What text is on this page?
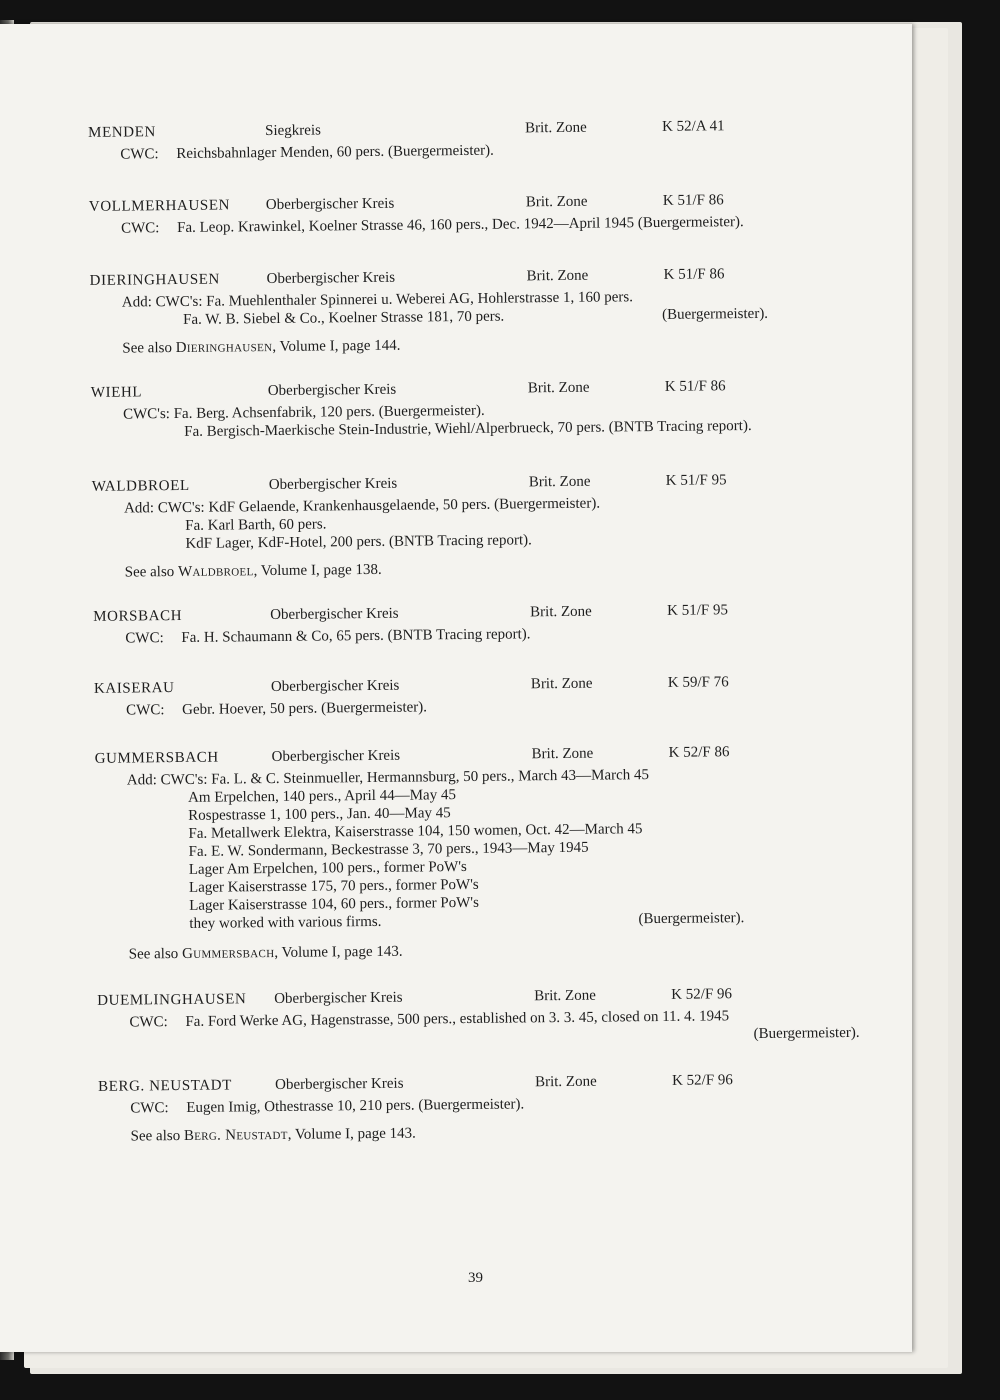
MENDEN	Siegkreis	Brit. Zone	K 52/A 41
CWC: Reichsbahnlager Menden, 60 pers. (Buergermeister).
VOLLMERHAUSEN Oberbergischer Kreis	Brit. Zone	K 51/F 86
CWC: Fa. Leop. Krawinkel, Koelner Strasse 46, 160 pers., Dec. 1942—April 1945 (Buergermeister).
DIERINGHAUSEN	Oberbergischer Kreis	Brit. Zone	K 51/F 86
Add: CWC's: Fa. Muehlenthaler Spinnerei u. Weberei AG, Hohlerstrasse 1, 160 pers.
Fa. W. B. Siebel & Co., Koelner Strasse 181, 70 pers.	(Buergermeister).
See also Dieringhausen, Volume I, page 144.
WIEHL	Oberbergischer Kreis	Brit. Zone	K 51/F 86
CWC's: Fa. Berg. Achsenfabrik, 120 pers. (Buergermeister).
Fa. Bergisch-Maerkische Stein-Industrie, Wiehl/Alperbrueck, 70 pers. (BNTB Tracing report).
WALDBROEL	Oberbergischer Kreis	Brit. Zone	K 51/F 95
Add: CWC's: KdF Gelaende, Krankenhausgelaende, 50 pers. (Buergermeister).
Fa. Karl Barth, 60 pers.
KdF Lager, KdF-Hotel, 200 pers. (BNTB Tracing report).
See also Waldbroel, Volume I, page 138.
MORSBACH	Oberbergischer Kreis	Brit. Zone	K 51/F 95
CWC: Fa. H. Schaumann & Co, 65 pers. (BNTB Tracing report).
KAISERAU	Oberbergischer Kreis	Brit. Zone	K 59/F 76
CWC: Gebr. Hoever, 50 pers. (Buergermeister).
GUMMERSBACH	Oberbergischer Kreis	Brit. Zone	K 52/F 86
Add: CWC's: Fa. L. & C. Steinmueller, Hermannsburg, 50 pers., March 43—March 45
Am Erpelchen, 140 pers., April 44—May 45
Rospestrasse 1, 100 pers., Jan. 40—May 45
Fa. Metallwerk Elektra, Kaiserstrasse 104, 150 women, Oct. 42—March 45
Fa. E. W. Sondermann, Beckestrasse 3, 70 pers., 1943—May 1945
Lager Am Erpelchen, 100 pers., former PoW's
Lager Kaiserstrasse 175, 70 pers., former PoW's
Lager Kaiserstrasse 104, 60 pers., former PoW's
they worked with various firms.	(Buergermeister).
See also Gummersbach, Volume I, page 143.
DUEMLINGHAUSEN Oberbergischer Kreis	Brit. Zone	K 52/F 96
CWC: Fa. Ford Werke AG, Hagenstrasse, 500 pers., established on 3. 3. 45, closed on 11. 4. 1945
(Buergermeister).
BERG. NEUSTADT	Oberbergischer Kreis	Brit. Zone	K 52/F 96
CWC: Eugen Imig, Othestrasse 10, 210 pers. (Buergermeister).
See also Berg. Neustadt, Volume I, page 143.
39
